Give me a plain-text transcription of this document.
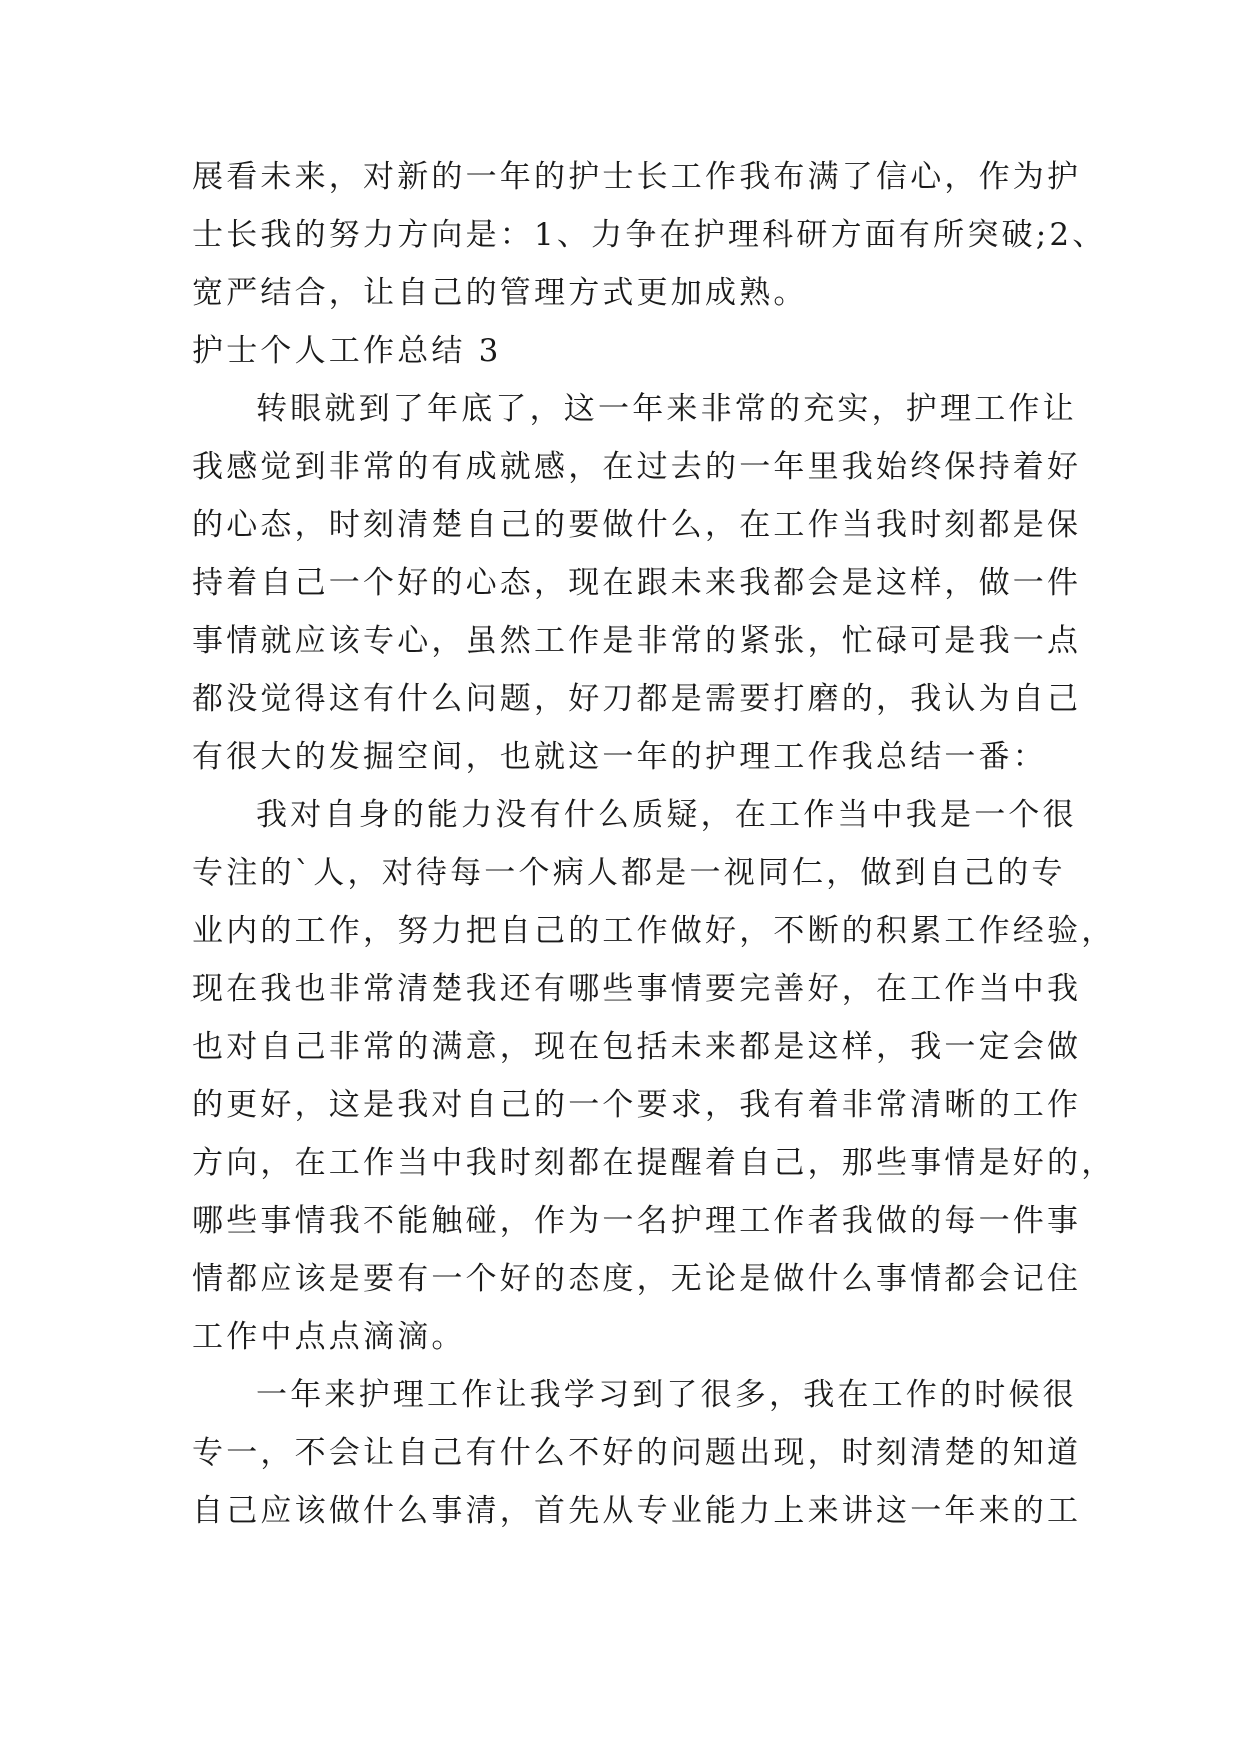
展看未来，对新的一年的护士长工作我布满了信心，作为护
士长我的努力方向是：1、力争在护理科研方面有所突破;2、
宽严结合，让自己的管理方式更加成熟。
护士个人工作总结 3
转眼就到了年底了，这一年来非常的充实，护理工作让
我感觉到非常的有成就感，在过去的一年里我始终保持着好
的心态，时刻清楚自己的要做什么，在工作当我时刻都是保
持着自己一个好的心态，现在跟未来我都会是这样，做一件
事情就应该专心，虽然工作是非常的紧张，忙碌可是我一点
都没觉得这有什么问题，好刀都是需要打磨的，我认为自己
有很大的发掘空间，也就这一年的护理工作我总结一番：
我对自身的能力没有什么质疑，在工作当中我是一个很
专注的`人，对待每一个病人都是一视同仁，做到自己的专
业内的工作，努力把自己的工作做好，不断的积累工作经验，
现在我也非常清楚我还有哪些事情要完善好，在工作当中我
也对自己非常的满意，现在包括未来都是这样，我一定会做
的更好，这是我对自己的一个要求，我有着非常清晰的工作
方向，在工作当中我时刻都在提醒着自己，那些事情是好的，
哪些事情我不能触碰，作为一名护理工作者我做的每一件事
情都应该是要有一个好的态度，无论是做什么事情都会记住
工作中点点滴滴。
一年来护理工作让我学习到了很多，我在工作的时候很
专一，不会让自己有什么不好的问题出现，时刻清楚的知道
自己应该做什么事清，首先从专业能力上来讲这一年来的工
